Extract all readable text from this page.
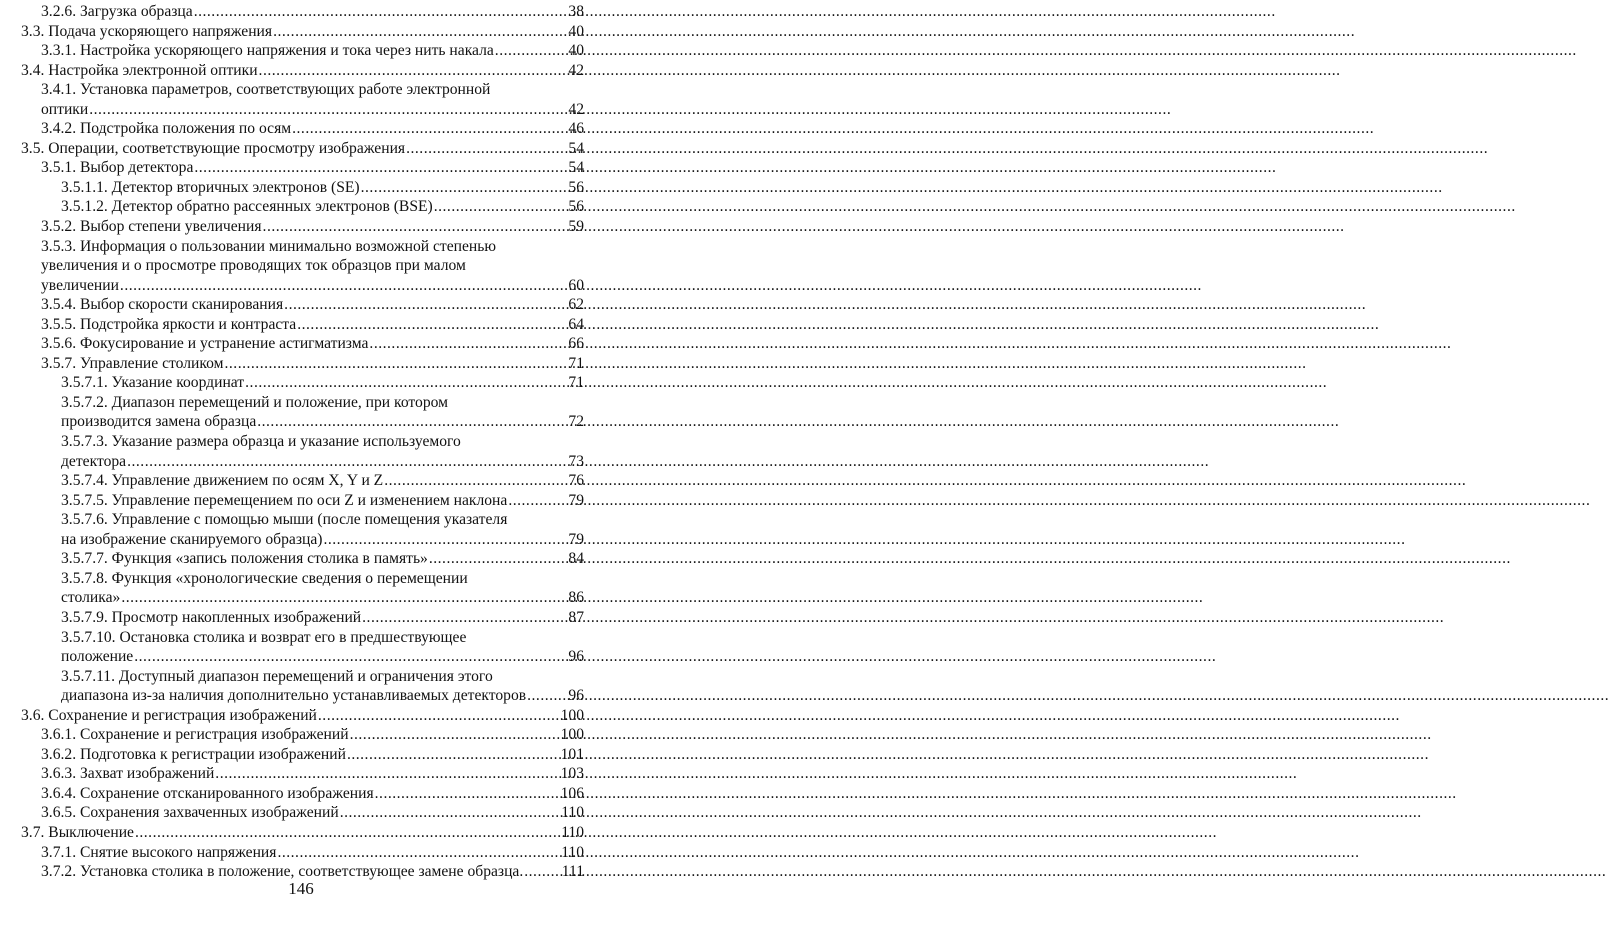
3.2.6. Загрузка образца .....	38
3.3. Подача ускоряющего напряжения .....	40
3.3.1. Настройка ускоряющего напряжения и тока через нить накала .....	40
3.4. Настройка электронной оптики .....	42
3.4.1. Установка параметров, соответствующих работе электронной
оптики .....	42
3.4.2. Подстройка положения по осям .....	46
3.5. Операции, соответствующие просмотру изображения .....	54
3.5.1. Выбор детектора .....	54
3.5.1.1. Детектор вторичных электронов (SE) .....	56
3.5.1.2. Детектор обратно рассеянных электронов (BSE) .....	56
3.5.2. Выбор степени увеличения .....	59
3.5.3. Информация о пользовании минимально возможной степенью
увеличения и о просмотре проводящих ток образцов при малом
увеличении .....	60
3.5.4. Выбор скорости сканирования .....	62
3.5.5. Подстройка яркости и контраста .....	64
3.5.6. Фокусирование и устранение астигматизма .....	66
3.5.7. Управление столиком .....	71
3.5.7.1. Указание координат .....	71
3.5.7.2. Диапазон перемещений и положение, при котором
производится замена образца .....	72
3.5.7.3. Указание размера образца и указание используемого
детектора .....	73
3.5.7.4. Управление движением по осям X, Y и Z .....	76
3.5.7.5. Управление перемещением по оси Z и изменением наклона .....	79
3.5.7.6. Управление с помощью мыши (после помещения указателя
на изображение сканируемого образца) .....	79
3.5.7.7. Функция «запись положения столика в память» .....	84
3.5.7.8. Функция «хронологические сведения о перемещении
столика» .....	86
3.5.7.9. Просмотр накопленных изображений .....	87
3.5.7.10. Остановка столика и возврат его в предшествующее
положение .....	96
3.5.7.11. Доступный диапазон перемещений и ограничения этого
диапазона из-за наличия дополнительно устанавливаемых детекторов .....	96
3.6. Сохранение и регистрация изображений .....	100
3.6.1. Сохранение и регистрация изображений .....	100
3.6.2. Подготовка к регистрации изображений .....	101
3.6.3. Захват изображений .....	103
3.6.4. Сохранение отсканированного изображения .....	106
3.6.5. Сохранения захваченных изображений .....	110
3.7. Выключение .....	110
3.7.1. Снятие высокого напряжения .....	110
3.7.2. Установка столика в положение, соответствующее замене образца. ..... 111
146
